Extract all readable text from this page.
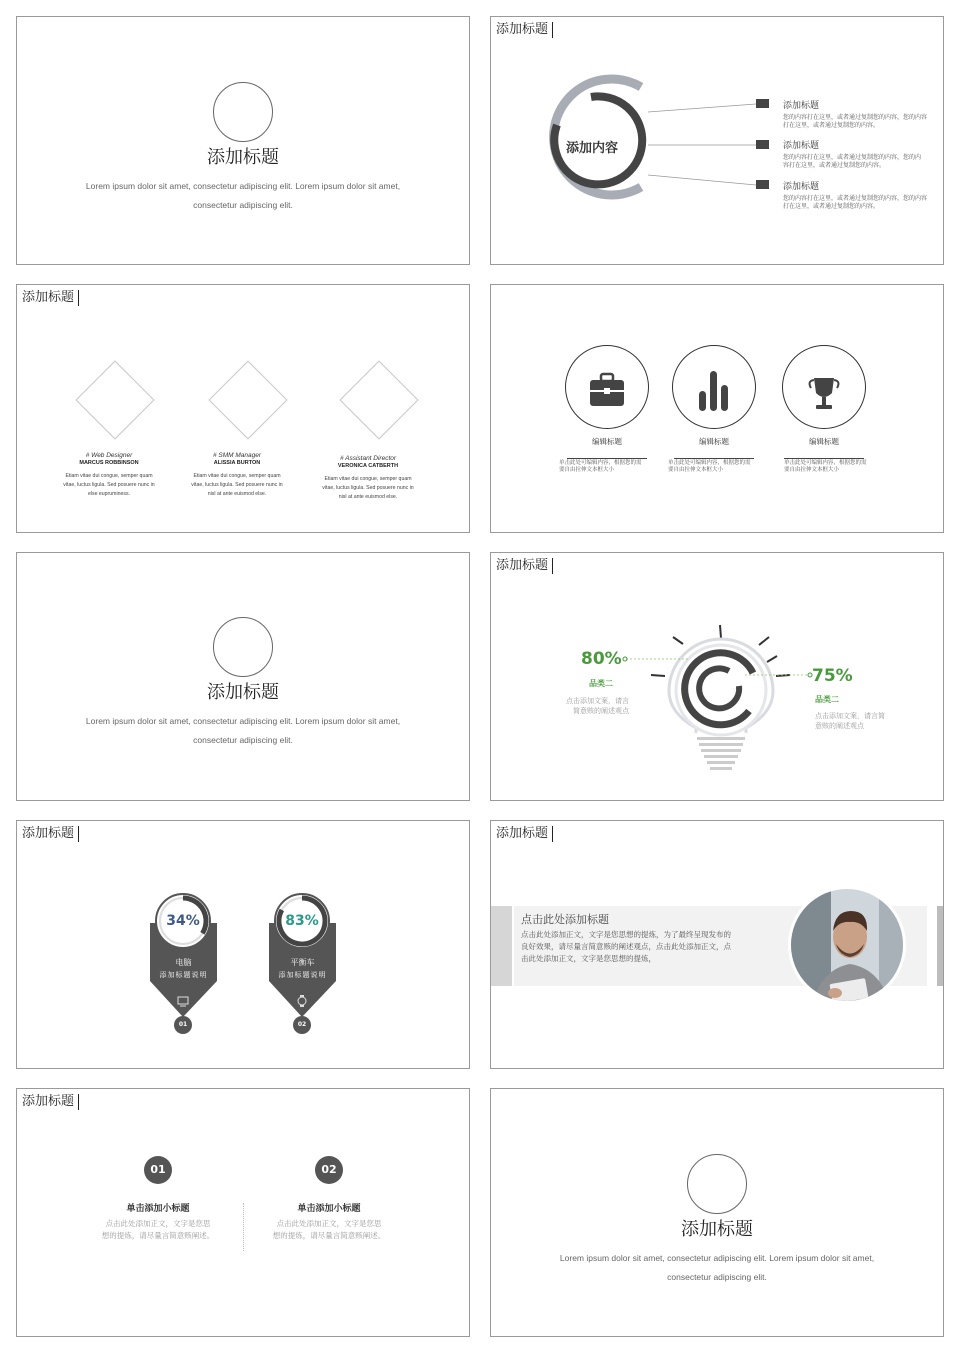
添加标题
Lorem ipsum dolor sit amet, consectetur adipiscing elit. Lorem ipsum dolor sit amet,
consectetur adipiscing elit.
添加标题
添加内容
添加标题
您的内容打在这里，或者通过复制您的内容，您的内容
打在这里，或者通过复制您的内容。
添加标题
您的内容打在这里，或者通过复制您的内容，您的内
容打在这里，或者通过复制您的内容。
添加标题
您的内容打在这里，或者通过复制您的内容，您的内容
打在这里，或者通过复制您的内容。
添加标题
# Web Designer
MARCUS ROBBINSON
Etiam vitae dui congue, semper quam
vitae, luctus ligula. Sed posuere nunc in
else eupruminess.
# SMM Manager
ALISSIA BURTON
Etiam vitae dui congue, semper quam
vitae, luctus ligula. Sed posuere nunc in
nisl at ante euismod else.
# Assistant Director
VERONICA CATBERTH
Etiam vitae dui congue, semper quam
vitae, luctus ligula. Sed posuere nunc in
nisl at ante euismod else.
编辑标题
单击此处可编辑内容，根据您的需
要自由拉伸文本框大小
编辑标题
单击此处可编辑内容，根据您的需
要自由拉伸文本框大小
编辑标题
单击此处可编辑内容，根据您的需
要自由拉伸文本框大小
添加标题
Lorem ipsum dolor sit amet, consectetur adipiscing elit. Lorem ipsum dolor sit amet,
consectetur adipiscing elit.
添加标题
80%
品类二
点击添加文案，请言
简意赅的阐述观点
75%
品类二
点击添加文案，请言简
意赅的阐述观点
添加标题
34%	83%
电脑
添加标题说明
平衡车
添加标题说明
01	02
添加标题
点击此处添加标题
点击此处添加正文，文字是您思想的提炼，为了最终呈现发布的
良好效果，请尽量言简意赅的阐述观点，点击此处添加正文，点
击此处添加正文，文字是您思想的提炼，
添加标题
01
单击添加小标题
点击此处添加正文，文字是您思
想的提炼，请尽量言简意赅阐述。
02
单击添加小标题
点击此处添加正文，文字是您思
想的提炼，请尽量言简意赅阐述。	添加标题
Lorem ipsum dolor sit amet, consectetur adipiscing elit. Lorem ipsum dolor sit amet,
consectetur adipiscing elit.
